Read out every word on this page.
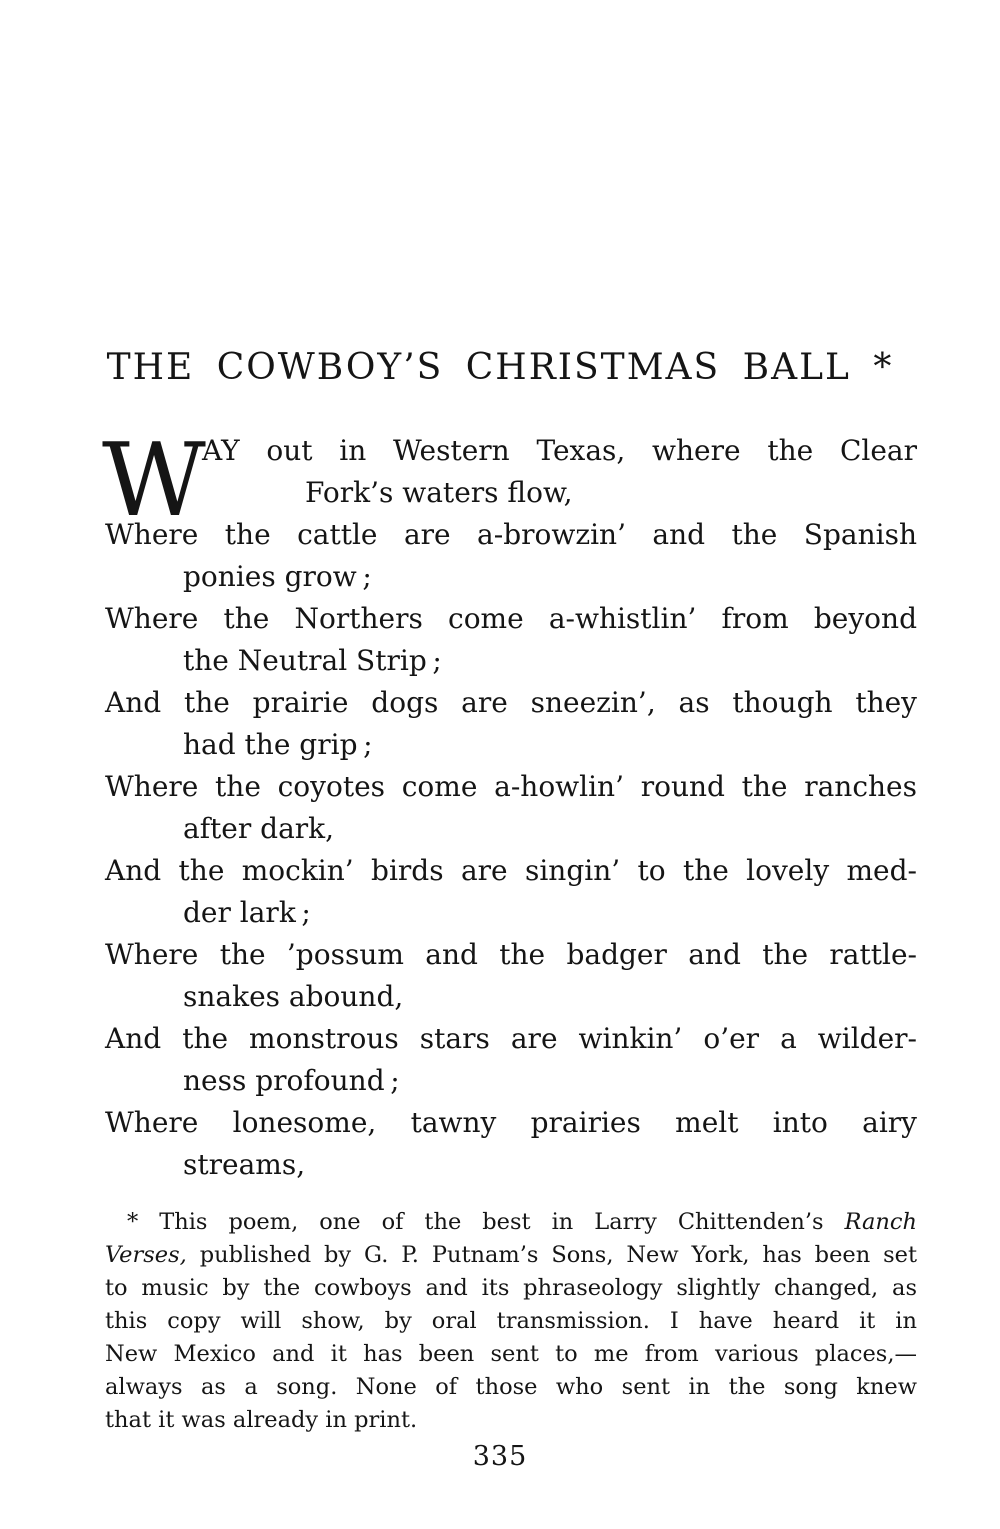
THE COWBOY’S CHRISTMAS BALL *
W
AY out in Western Texas, where the Clear
Fork’s waters flow,
Where the cattle are a-browzin’ and the Spanish
ponies grow ;
Where the Northers come a-whistlin’ from beyond
the Neutral Strip ;
And the prairie dogs are sneezin’, as though they
had the grip ;
Where the coyotes come a-howlin’ round the ranches
after dark,
And the mockin’ birds are singin’ to the lovely med-
der lark ;
Where the ’possum and the badger and the rattle-
snakes abound,
And the monstrous stars are winkin’ o’er a wilder-
ness profound ;
Where lonesome, tawny prairies melt into airy
streams,
* This poem, one of the best in Larry Chittenden’s Ranch
Verses, published by G. P. Putnam’s Sons, New York, has been set
to music by the cowboys and its phraseology slightly changed, as
this copy will show, by oral transmission. I have heard it in
New Mexico and it has been sent to me from various places,—
always as a song. None of those who sent in the song knew
that it was already in print.
335
